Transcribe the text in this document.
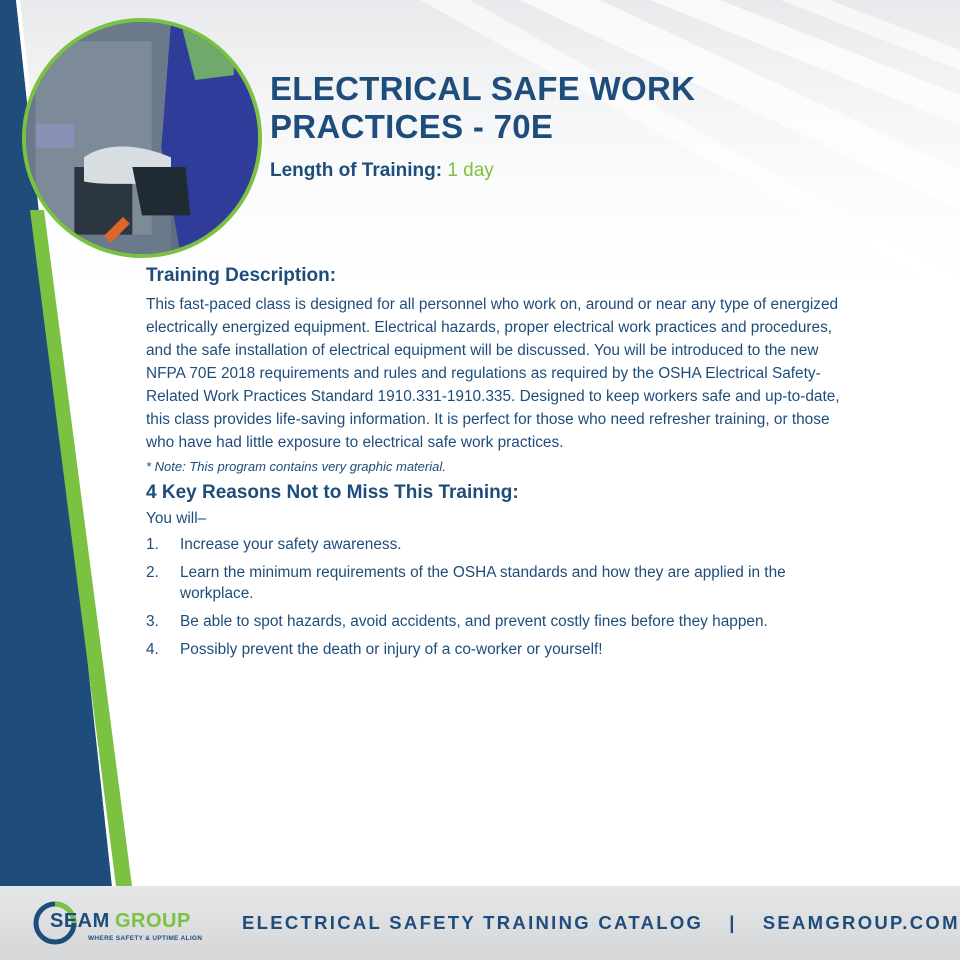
ELECTRICAL SAFE WORK
PRACTICES - 70E
Length of Training: 1 day
Training Description:

This fast-paced class is designed for all personnel who work on, around or near any type of energized electrically energized equipment. Electrical hazards, proper electrical work practices and procedures, and the safe installation of electrical equipment will be discussed. You will be introduced to the new NFPA 70E 2018 requirements and rules and regulations as required by the OSHA Electrical Safety-Related Work Practices Standard 1910.331-1910.335. Designed to keep workers safe and up-to-date, this class provides life-saving information. It is perfect for those who need refresher training, or those who have had little exposure to electrical safe work practices.

* Note: This program contains very graphic material.

4 Key Reasons Not to Miss This Training:

You will–

1. Increase your safety awareness.
2. Learn the minimum requirements of the OSHA standards and how they are applied in the workplace.
3. Be able to spot hazards, avoid accidents, and prevent costly fines before they happen.
4. Possibly prevent the death or injury of a co-worker or yourself!
SEAM GROUP
WHERE SAFETY & UPTIME ALIGN
ELECTRICAL SAFETY TRAINING CATALOG | SEAMGROUP.COM
